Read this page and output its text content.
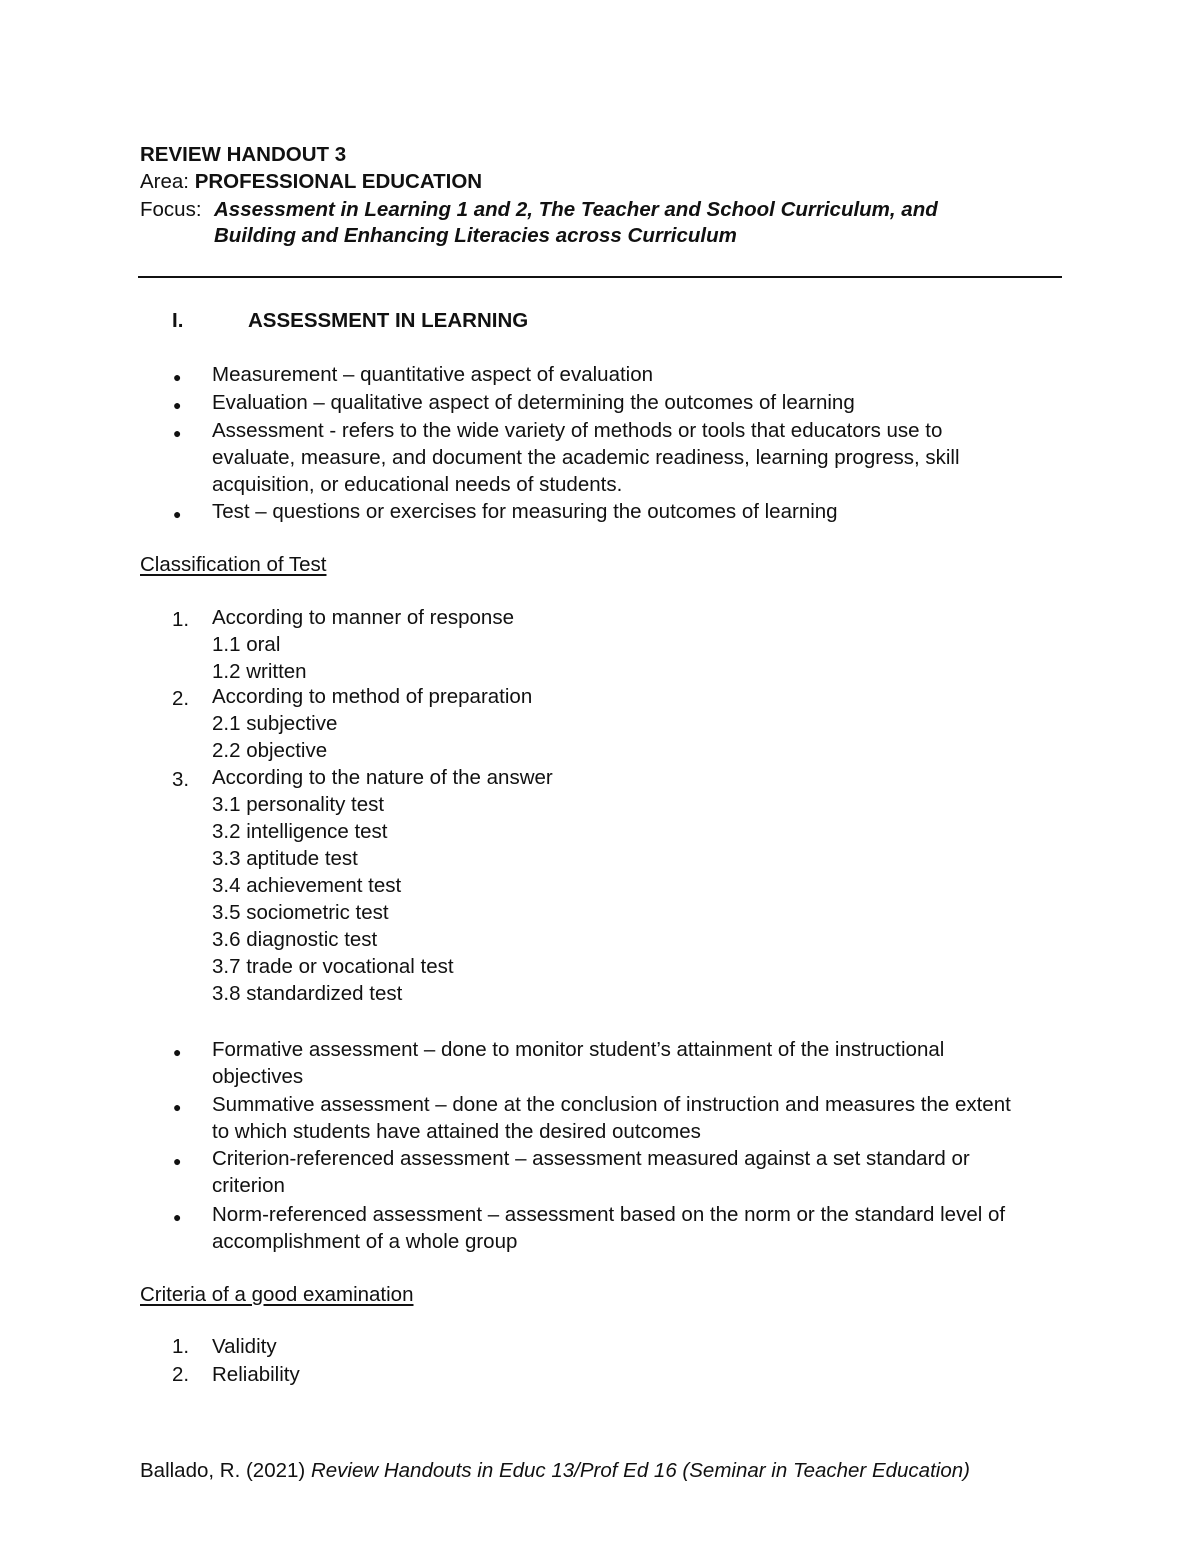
REVIEW HANDOUT 3
Area: PROFESSIONAL EDUCATION
Focus: Assessment in Learning 1 and 2, The Teacher and School Curriculum, and
Building and Enhancing Literacies across Curriculum
I.	ASSESSMENT IN LEARNING
● Measurement – quantitative aspect of evaluation
● Evaluation – qualitative aspect of determining the outcomes of learning
● Assessment - refers to the wide variety of methods or tools that educators use to
evaluate, measure, and document the academic readiness, learning progress, skill
acquisition, or educational needs of students.
● Test – questions or exercises for measuring the outcomes of learning
Classification of Test
1. According to manner of response
1.1 oral
1.2 written
2. According to method of preparation
2.1 subjective
2.2 objective
3. According to the nature of the answer
3.1 personality test
3.2 intelligence test
3.3 aptitude test
3.4 achievement test
3.5 sociometric test
3.6 diagnostic test
3.7 trade or vocational test
3.8 standardized test
● Formative assessment – done to monitor student’s attainment of the instructional
objectives
● Summative assessment – done at the conclusion of instruction and measures the extent
to which students have attained the desired outcomes
● Criterion-referenced assessment – assessment measured against a set standard or
criterion
● Norm-referenced assessment – assessment based on the norm or the standard level of
accomplishment of a whole group
Criteria of a good examination
1. Validity
2. Reliability
Ballado, R. (2021) Review Handouts in Educ 13/Prof Ed 16 (Seminar in Teacher Education)
